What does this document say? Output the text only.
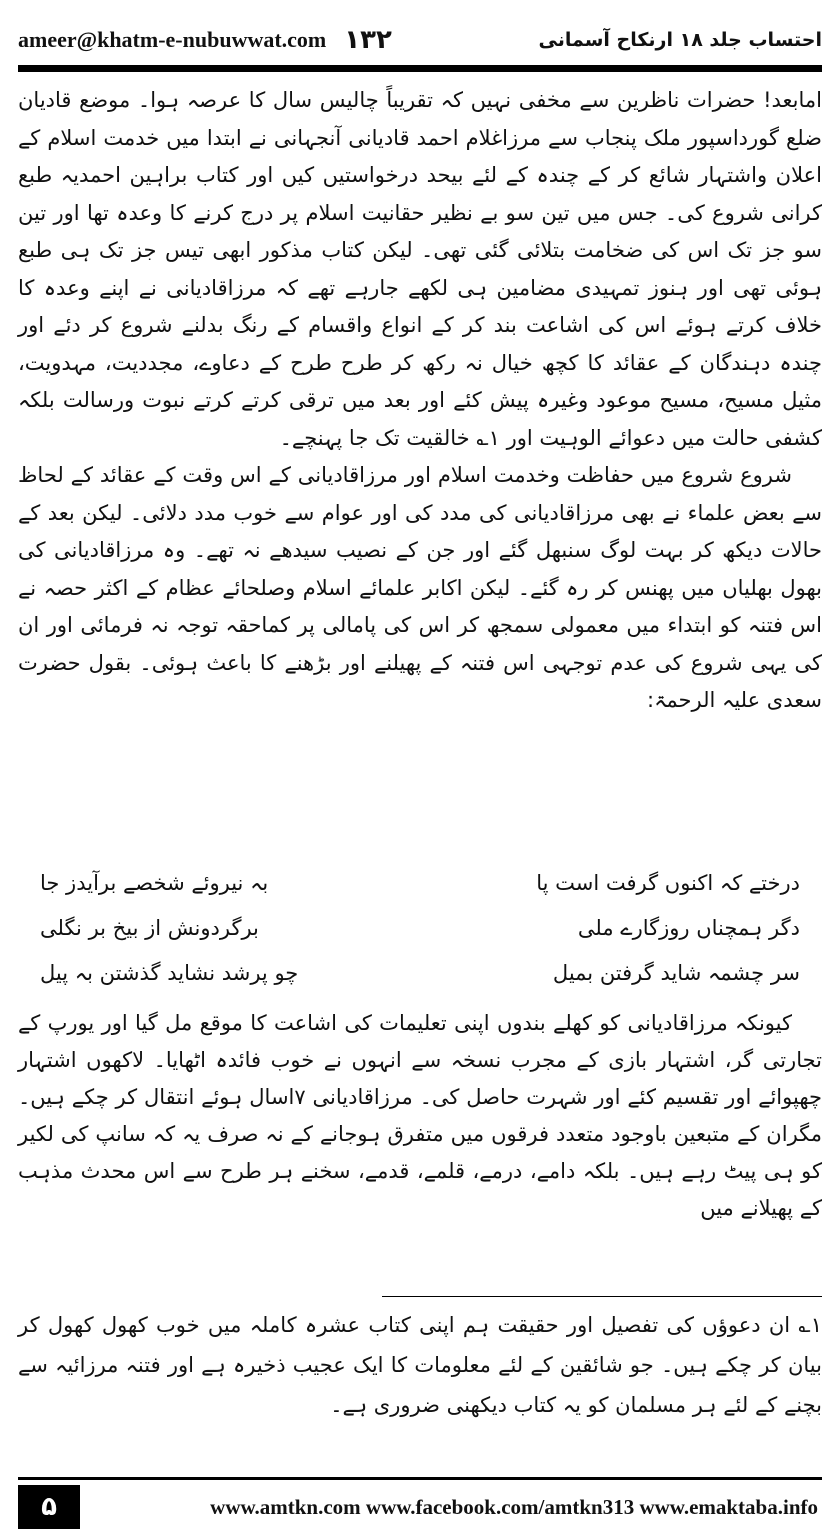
ameer@khatm-e-nubuwwat.com ۱۳۲	احتساب جلد ۱۸ ارنکاح آسمانی

امابعد! حضرات ناظرین سے مخفی نہیں کہ تقریباً چالیس سال کا عرصہ ہوا۔ موضع قادیان ضلع گورداسپور ملک پنجاب سے مرزاغلام احمد قادیانی آنجہانی نے ابتدا میں خدمت اسلام کے اعلان واشتہار شائع کر کے چندہ کے لئے بیحد درخواستیں کیں اور کتاب براہین احمدیہ طبع کرانی شروع کی۔ جس میں تین سو بے نظیر حقانیت اسلام پر درج کرنے کا وعدہ تھا اور تین سو جز تک اس کی ضخامت بتلائی گئی تھی۔ لیکن کتاب مذکور ابھی تیس جز تک ہی طبع ہوئی تھی اور ہنوز تمہیدی مضامین ہی لکھے جارہے تھے کہ مرزاقادیانی نے اپنے وعدہ کا خلاف کرتے ہوئے اس کی اشاعت بند کر کے انواع واقسام کے رنگ بدلنے شروع کر دئے اور چندہ دہندگان کے عقائد کا کچھ خیال نہ رکھ کر طرح طرح کے دعاوے، مجددیت، مہدویت، مثیل مسیح، مسیح موعود وغیرہ پیش کئے اور بعد میں ترقی کرتے کرتے نبوت ورسالت بلکہ کشفی حالت میں دعوائے الوہیت اور ۱؎ خالقیت تک جا پہنچے۔

شروع شروع میں حفاظت وخدمت اسلام اور مرزاقادیانی کے اس وقت کے عقائد کے لحاظ سے بعض علماء نے بھی مرزاقادیانی کی مدد کی اور عوام سے خوب مدد دلائی۔ لیکن بعد کے حالات دیکھ کر بہت لوگ سنبھل گئے اور جن کے نصیب سیدھے نہ تھے۔ وہ مرزاقادیانی کی بھول بھلیاں میں پھنس کر رہ گئے۔ لیکن اکابر علمائے اسلام وصلحائے عظام کے اکثر حصہ نے اس فتنہ کو ابتداء میں معمولی سمجھ کر اس کی پامالی پر کماحقہ توجہ نہ فرمائی اور ان کی یہی شروع کی عدم توجہی اس فتنہ کے پھیلنے اور بڑھنے کا باعث ہوئی۔ بقول حضرت سعدی علیہ الرحمۃ:

درختے کہ اکنوں گرفت است پا
بہ نیروئے شخصے برآیدز جا
دگر ہمچناں روزگارے ملی
برگردونش از بیخ بر نگلی
سر چشمہ شاید گرفتن بمیل
چو پرشد نشاید گذشتن بہ پیل

کیونکہ مرزاقادیانی کو کھلے بندوں اپنی تعلیمات کی اشاعت کا موقع مل گیا اور یورپ کے تجارتی گر، اشتہار بازی کے مجرب نسخہ سے انہوں نے خوب فائدہ اٹھایا۔ لاکھوں اشتہار چھپوائے اور تقسیم کئے اور شہرت حاصل کی۔ مرزاقادیانی ۷اسال ہوئے انتقال کر چکے ہیں۔ مگران کے متبعین باوجود متعدد فرقوں میں متفرق ہوجانے کے نہ صرف یہ کہ سانپ کی لکیر کو ہی پیٹ رہے ہیں۔ بلکہ دامے، درمے، قلمے، قدمے، سخنے ہر طرح سے اس محدث مذہب کے پھیلانے میں

۱؎ ان دعوؤں کی تفصیل اور حقیقت ہم اپنی کتاب عشرہ کاملہ میں خوب کھول کھول کر بیان کر چکے ہیں۔ جو شائقین کے لئے معلومات کا ایک عجیب ذخیرہ ہے اور فتنہ مرزائیہ سے بچنے کے لئے ہر مسلمان کو یہ کتاب دیکھنی ضروری ہے۔

۵	www.amtkn.com www.facebook.com/amtkn313 www.emaktaba.info
